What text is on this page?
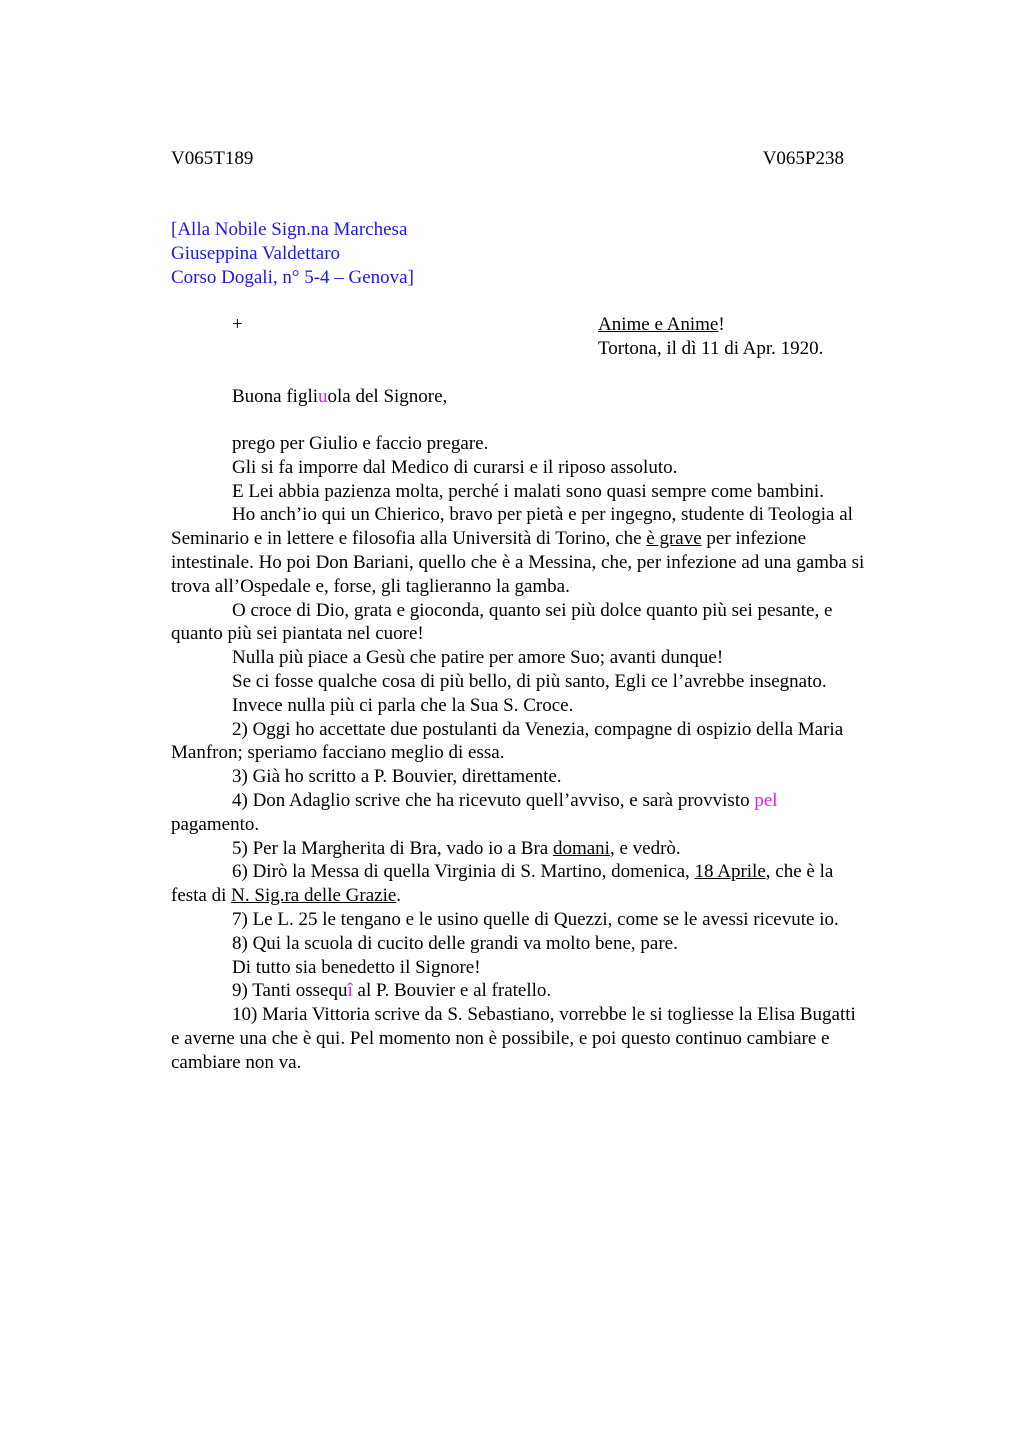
V065T189	V065P238
[Alla Nobile Sign.na Marchesa
Giuseppina Valdettaro
Corso Dogali, n° 5-4 – Genova]
+	Anime e Anime!
Tortona, il dì 11 di Apr. 1920.
Buona figliuola del Signore,

prego per Giulio e faccio pregare.

Gli si fa imporre dal Medico di curarsi e il riposo assoluto.

E Lei abbia pazienza molta, perché i malati sono quasi sempre come bambini.

Ho anch’io qui un Chierico, bravo per pietà e per ingegno, studente di Teologia al
Seminario e in lettere e filosofia alla Università di Torino, che è grave per infezione
intestinale. Ho poi Don Bariani, quello che è a Messina, che, per infezione ad una gamba si
trova all’Ospedale e, forse, gli taglieranno la gamba.

O croce di Dio, grata e gioconda, quanto sei più dolce quanto più sei pesante, e
quanto più sei piantata nel cuore!

Nulla più piace a Gesù che patire per amore Suo; avanti dunque!

Se ci fosse qualche cosa di più bello, di più santo, Egli ce l’avrebbe insegnato.

Invece nulla più ci parla che la Sua S. Croce.

2) Oggi ho accettate due postulanti da Venezia, compagne di ospizio della Maria
Manfron; speriamo facciano meglio di essa.

3) Già ho scritto a P. Bouvier, direttamente.

4) Don Adaglio scrive che ha ricevuto quell’avviso, e sarà provvisto pel
pagamento.

5) Per la Margherita di Bra, vado io a Bra domani, e vedrò.

6) Dirò la Messa di quella Virginia di S. Martino, domenica, 18 Aprile, che è la
festa di N. Sig.ra delle Grazie.

7) Le L. 25 le tengano e le usino quelle di Quezzi, come se le avessi ricevute io.

8) Qui la scuola di cucito delle grandi va molto bene, pare.

Di tutto sia benedetto il Signore!

9) Tanti ossequî al P. Bouvier e al fratello.

10) Maria Vittoria scrive da S. Sebastiano, vorrebbe le si togliesse la Elisa Bugatti
e averne una che è qui. Pel momento non è possibile, e poi questo continuo cambiare e
cambiare non va.
